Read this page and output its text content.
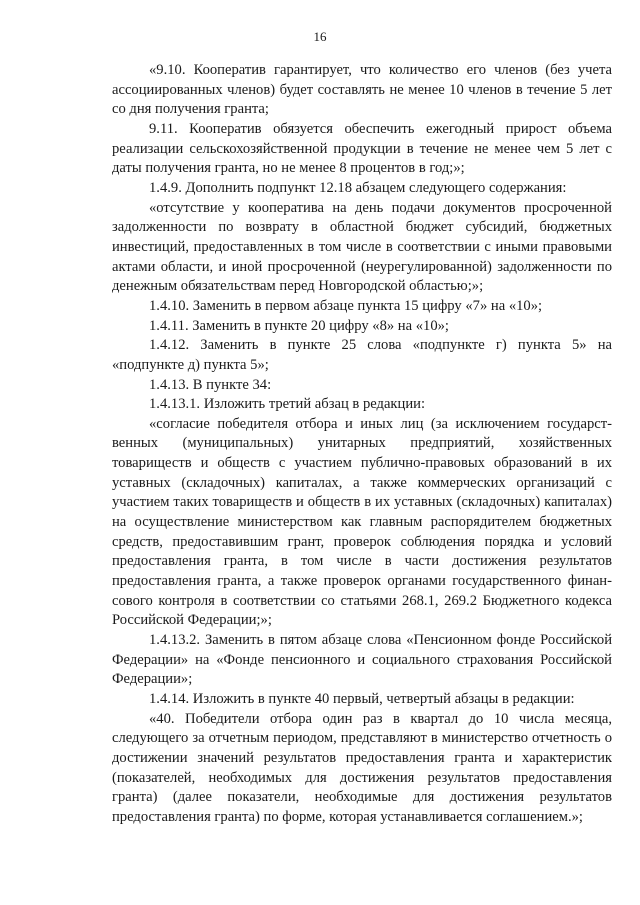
16

«9.10. Кооператив гарантирует, что количество его членов (без учета ассоциированных членов) будет составлять не менее 10 членов в течение 5 лет со дня получения гранта;

9.11. Кооператив обязуется обеспечить ежегодный прирост объема реализации сельскохозяйственной продукции в течение не менее чем 5 лет с даты получения гранта, но не менее 8 процентов в год;»;

1.4.9. Дополнить подпункт 12.18 абзацем следующего содержания:

«отсутствие у кооператива на день подачи документов просроченной задолженности по возврату в областной бюджет субсидий, бюджетных инвестиций, предоставленных в том числе в соответствии с иными правовыми актами области, и иной просроченной (неурегулированной) задолженности по денежным обязательствам перед Новгородской областью;»;

1.4.10. Заменить в первом абзаце пункта 15 цифру «7» на «10»;

1.4.11. Заменить в пункте 20 цифру «8» на «10»;

1.4.12. Заменить в пункте 25 слова «подпункте г) пункта 5» на «подпункте д) пункта 5»;

1.4.13. В пункте 34:

1.4.13.1. Изложить третий абзац в редакции:

«согласие победителя отбора и иных лиц (за исключением государственных (муниципальных) унитарных предприятий, хозяйственных товариществ и обществ с участием публично-правовых образований в их уставных (складочных) капиталах, а также коммерческих организаций с участием таких товариществ и обществ в их уставных (складочных) капиталах) на осуществление министерством как главным распорядителем бюджетных средств, предоставившим грант, проверок соблюдения порядка и условий предоставления гранта, в том числе в части достижения результатов предоставления гранта, а также проверок органами государственного финансового контроля в соответствии со статьями 268.1, 269.2 Бюджетного кодекса Российской Федерации;»;

1.4.13.2. Заменить в пятом абзаце слова «Пенсионном фонде Российской Федерации» на «Фонде пенсионного и социального страхования Российской Федерации»;

1.4.14. Изложить в пункте 40 первый, четвертый абзацы в редакции:

«40. Победители отбора один раз в квартал до 10 числа месяца, следующего за отчетным периодом, представляют в министерство отчетность о достижении значений результатов предоставления гранта и характеристик (показателей, необходимых для достижения результатов предоставления гранта) (далее показатели, необходимые для достижения результатов предоставления гранта) по форме, которая устанавливается соглашением.»;
